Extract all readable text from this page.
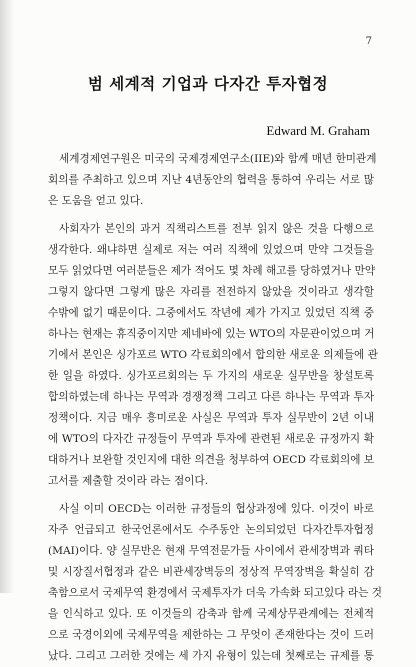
7
범 세계적 기업과 다자간 투자협정
Edward M. Graham
세계경제연구원은 미국의 국제경제연구소(IIE)와 함께 매년 한미관계
회의를 주최하고 있으며 지난 4년동안의 협력을 통하여 우리는 서로 많
은 도움을 얻고 있다.
사회자가 본인의 과거 직책리스트를 전부 읽지 않은 것을 다행으로
생각한다. 왜냐하면 실제로 저는 여러 직책에 있었으며 만약 그것들을
모두 읽었다면 여러분들은 제가 적어도 몇 차례 해고를 당하였거나 만약
그렇지 않다면 그렇게 많은 자리를 전전하지 않았을 것이라고 생각할
수밖에 없기 때문이다. 그중에서도 작년에 제가 가지고 있었던 직책 중
하나는 현재는 휴직중이지만 제네바에 있는 WTO의 자문관이었으며 거
기에서 본인은 싱가포르 WTO 각료회의에서 합의한 새로운 의제들에 관
한 일을 하였다. 싱가포르회의는 두 가지의 새로운 실무반을 창설토록
합의하였는데 하나는 무역과 경쟁정책 그리고 다른 하나는 무역과 투자
정책이다. 지금 매우 흥미로운 사실은 무역과 투자 실무반이 2년 이내
에 WTO의 다자간 규정들이 무역과 투자에 관련된 새로운 규정까지 확
대하거나 보완할 것인지에 대한 의견을 청부하여 OECD 각료회의에 보
고서를 제출할 것이라 라는 점이다.
사실 이미 OECD는 이러한 규정들의 협상과정에 있다. 이것이 바로
자주 언급되고 한국언론에서도 수주동안 논의되었던 다자간투자협정
(MAI)이다. 양 실무반은 현재 무역전문가들 사이에서 관세장벽과 쿼타
및 시장질서협정과 같은 비관세장벽등의 정상적 무역장벽을 확실히 감
축함으로서 국제무역 환경에서 국제투자가 더욱 가속화 되고있다 라는 것
을 인식하고 있다. 또 이것들의 감축과 함께 국제상무관계에는 전체적
으로 국경이외에 국제무역을 제한하는 그 무엇이 존재한다는 것이 드러
났다. 그리고 그러한 것에는 세 가지 유형이 있는데 첫째로는 규제를 통
